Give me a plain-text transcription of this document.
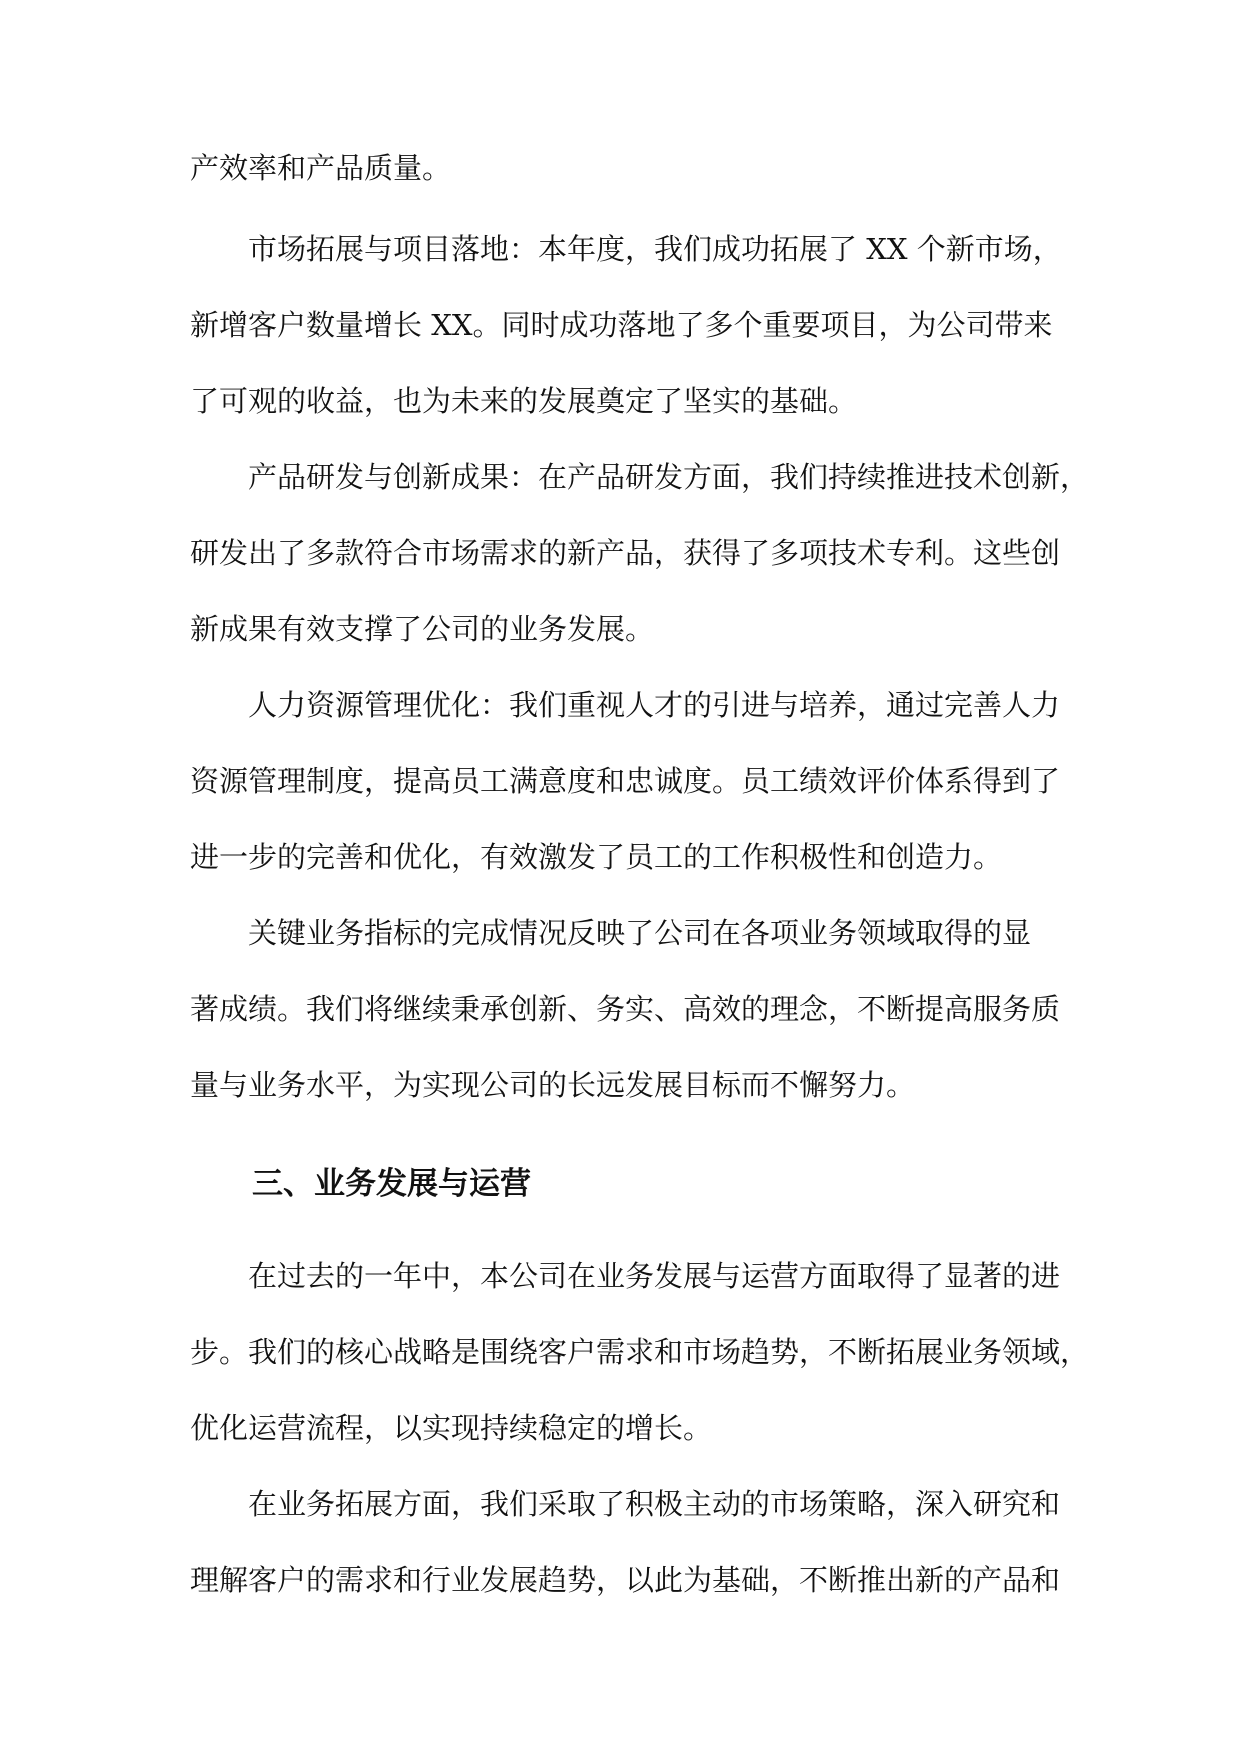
产效率和产品质量。
市场拓展与项目落地：本年度，我们成功拓展了 XX 个新市场，
新增客户数量增长 XX。同时成功落地了多个重要项目，为公司带来
了可观的收益，也为未来的发展奠定了坚实的基础。
产品研发与创新成果：在产品研发方面，我们持续推进技术创新，
研发出了多款符合市场需求的新产品，获得了多项技术专利。这些创
新成果有效支撑了公司的业务发展。
人力资源管理优化：我们重视人才的引进与培养，通过完善人力
资源管理制度，提高员工满意度和忠诚度。员工绩效评价体系得到了
进一步的完善和优化，有效激发了员工的工作积极性和创造力。
关键业务指标的完成情况反映了公司在各项业务领域取得的显
著成绩。我们将继续秉承创新、务实、高效的理念，不断提高服务质
量与业务水平，为实现公司的长远发展目标而不懈努力。
三、业务发展与运营
在过去的一年中，本公司在业务发展与运营方面取得了显著的进
步。我们的核心战略是围绕客户需求和市场趋势，不断拓展业务领域，
优化运营流程，以实现持续稳定的增长。
在业务拓展方面，我们采取了积极主动的市场策略，深入研究和
理解客户的需求和行业发展趋势，以此为基础，不断推出新的产品和
